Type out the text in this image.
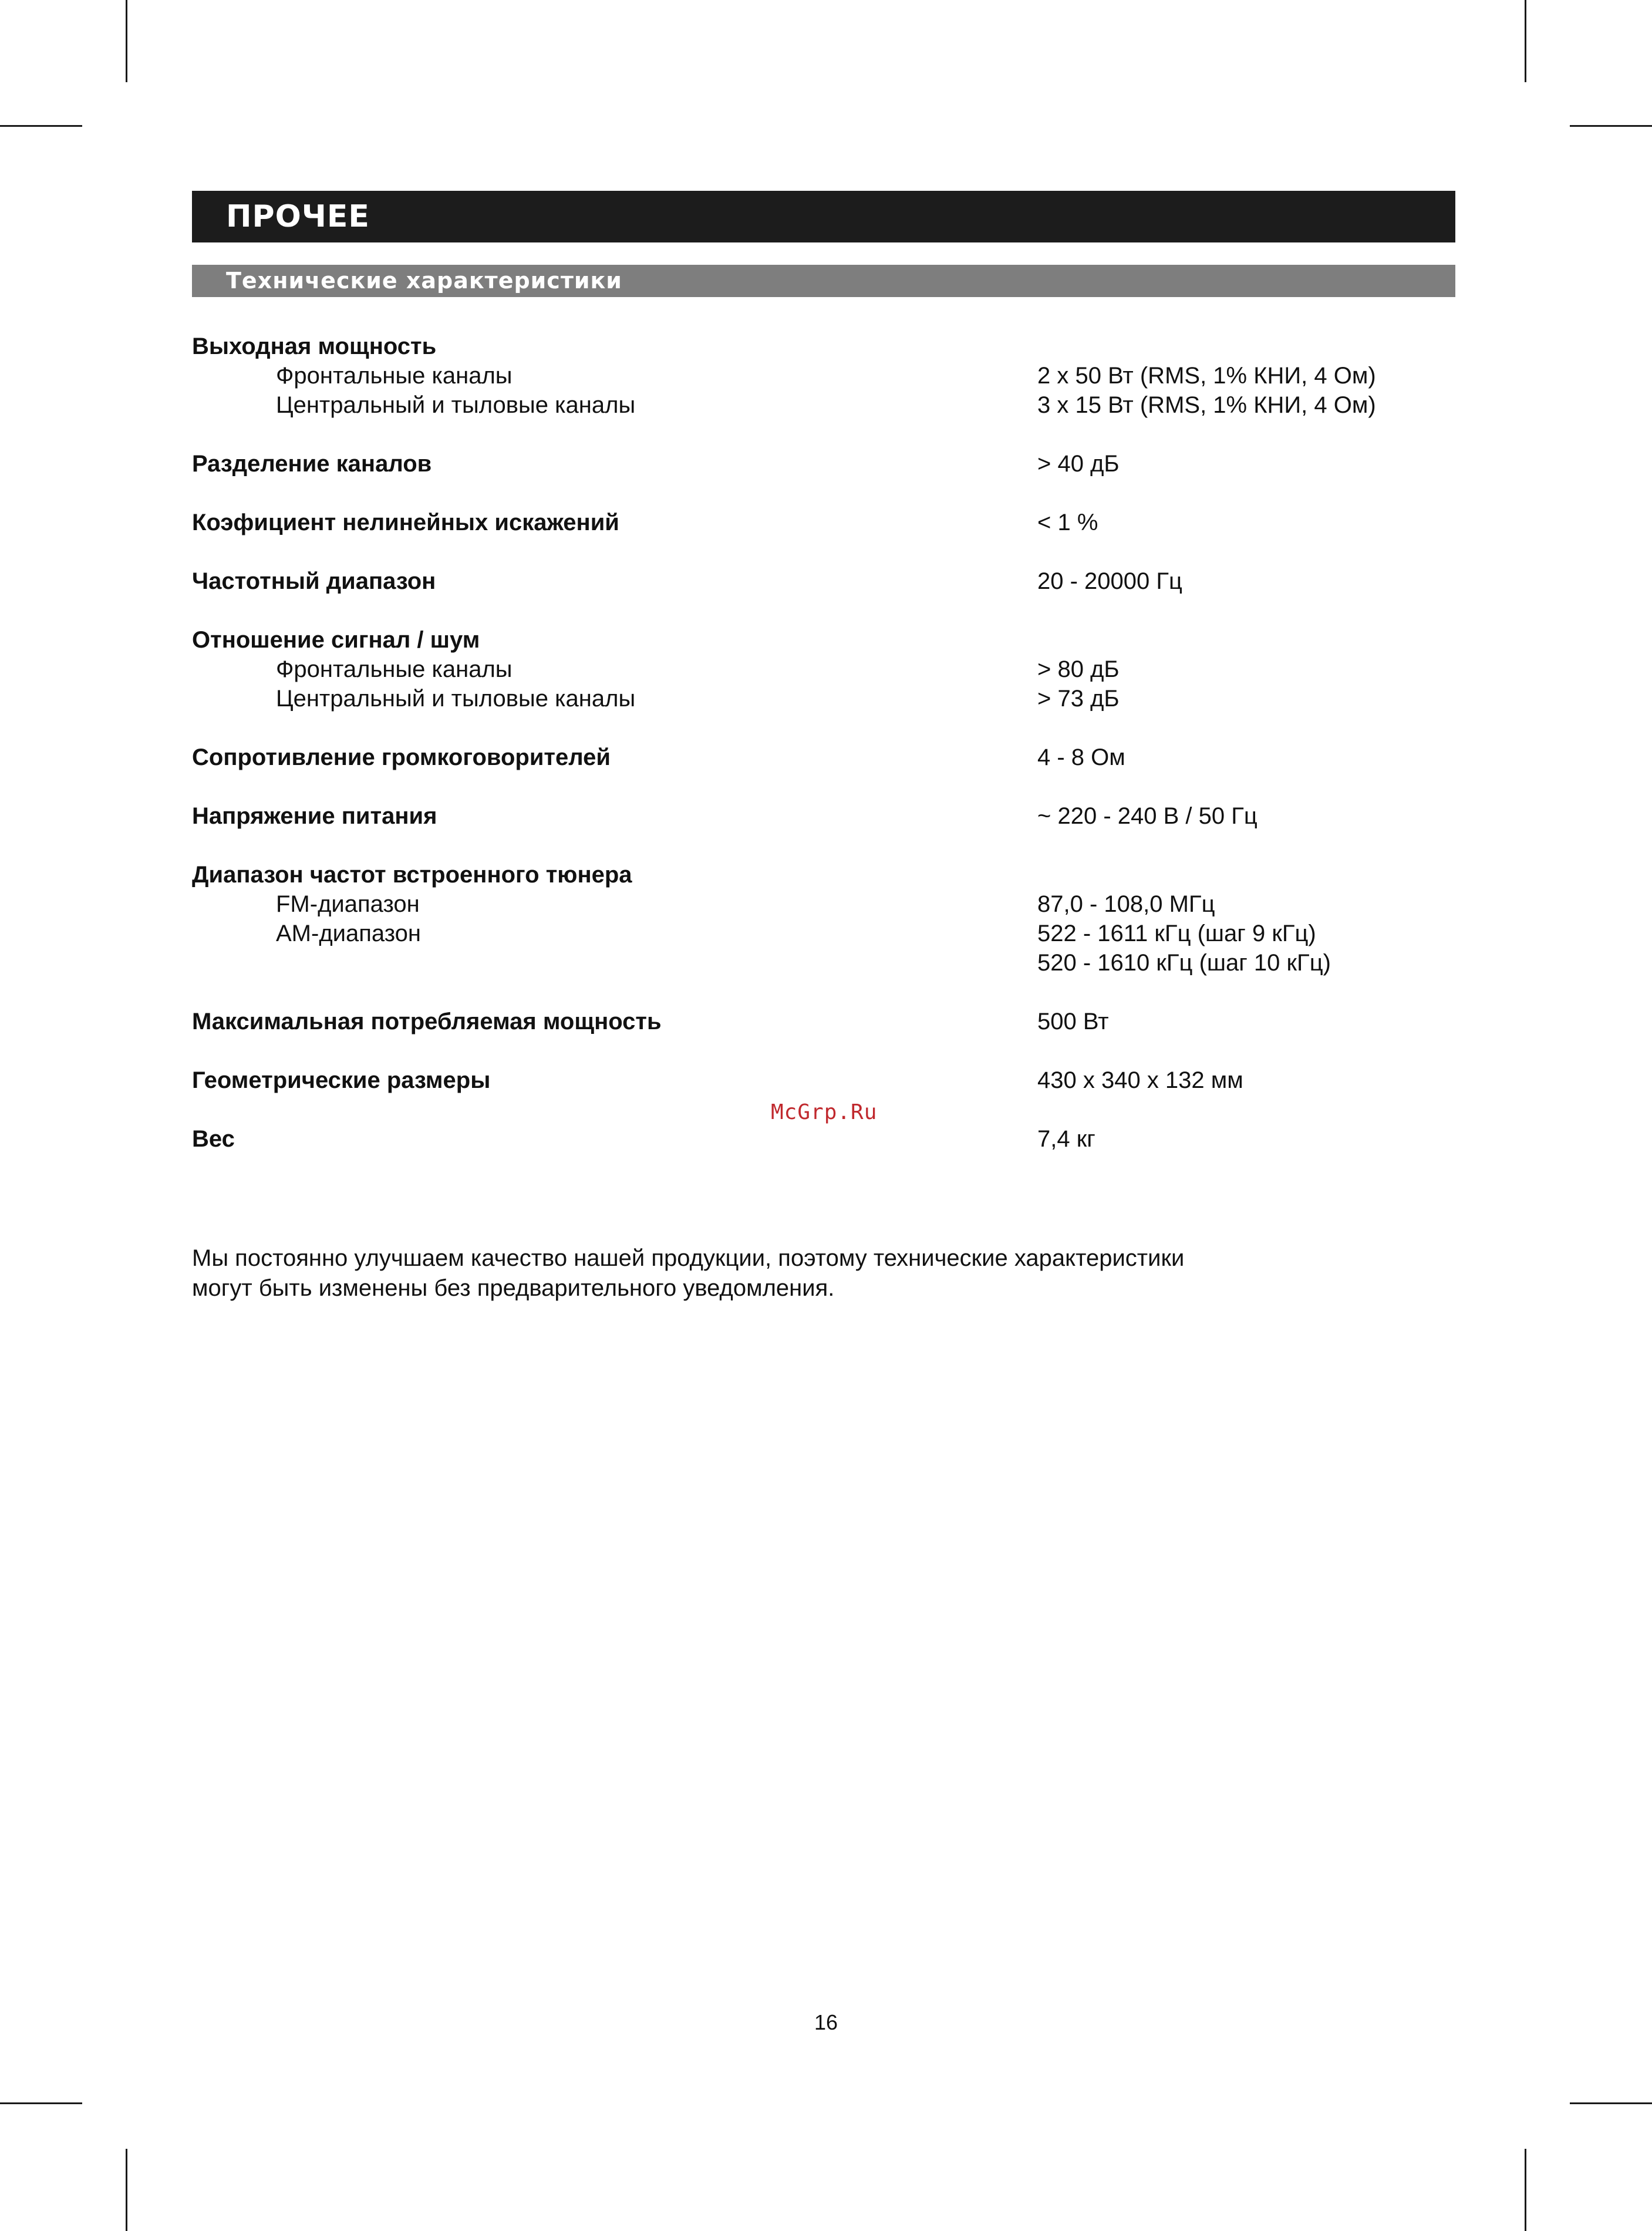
ПРОЧЕЕ
Технические характеристики
Выходная мощность
Фронтальные каналы	2 x 50 Вт (RMS, 1% КНИ, 4 Ом)
Центральный и тыловые каналы	3 x 15 Вт (RMS, 1% КНИ, 4 Ом)
Разделение каналов	> 40 дБ
Коэфициент нелинейных искажений	< 1 %
Частотный диапазон	20 - 20000 Гц
Отношение сигнал / шум
Фронтальные каналы	> 80 дБ
Центральный и тыловые каналы	> 73 дБ
Сопротивление громкоговорителей	4 - 8 Ом
Напряжение питания	~ 220 - 240 В / 50 Гц
Диапазон частот встроенного тюнера
FM-диапазон	87,0 - 108,0 МГц
AM-диапазон	522 - 1611 кГц (шаг 9 кГц)
520 - 1610 кГц (шаг 10 кГц)
Максимальная потребляемая мощность	500 Вт
Геометрические размеры	430 x 340 x 132 мм
Вес	7,4 кг
McGrp.Ru
Мы постоянно улучшаем качество нашей продукции, поэтому технические характеристики
могут быть изменены без предварительного уведомления.
16
